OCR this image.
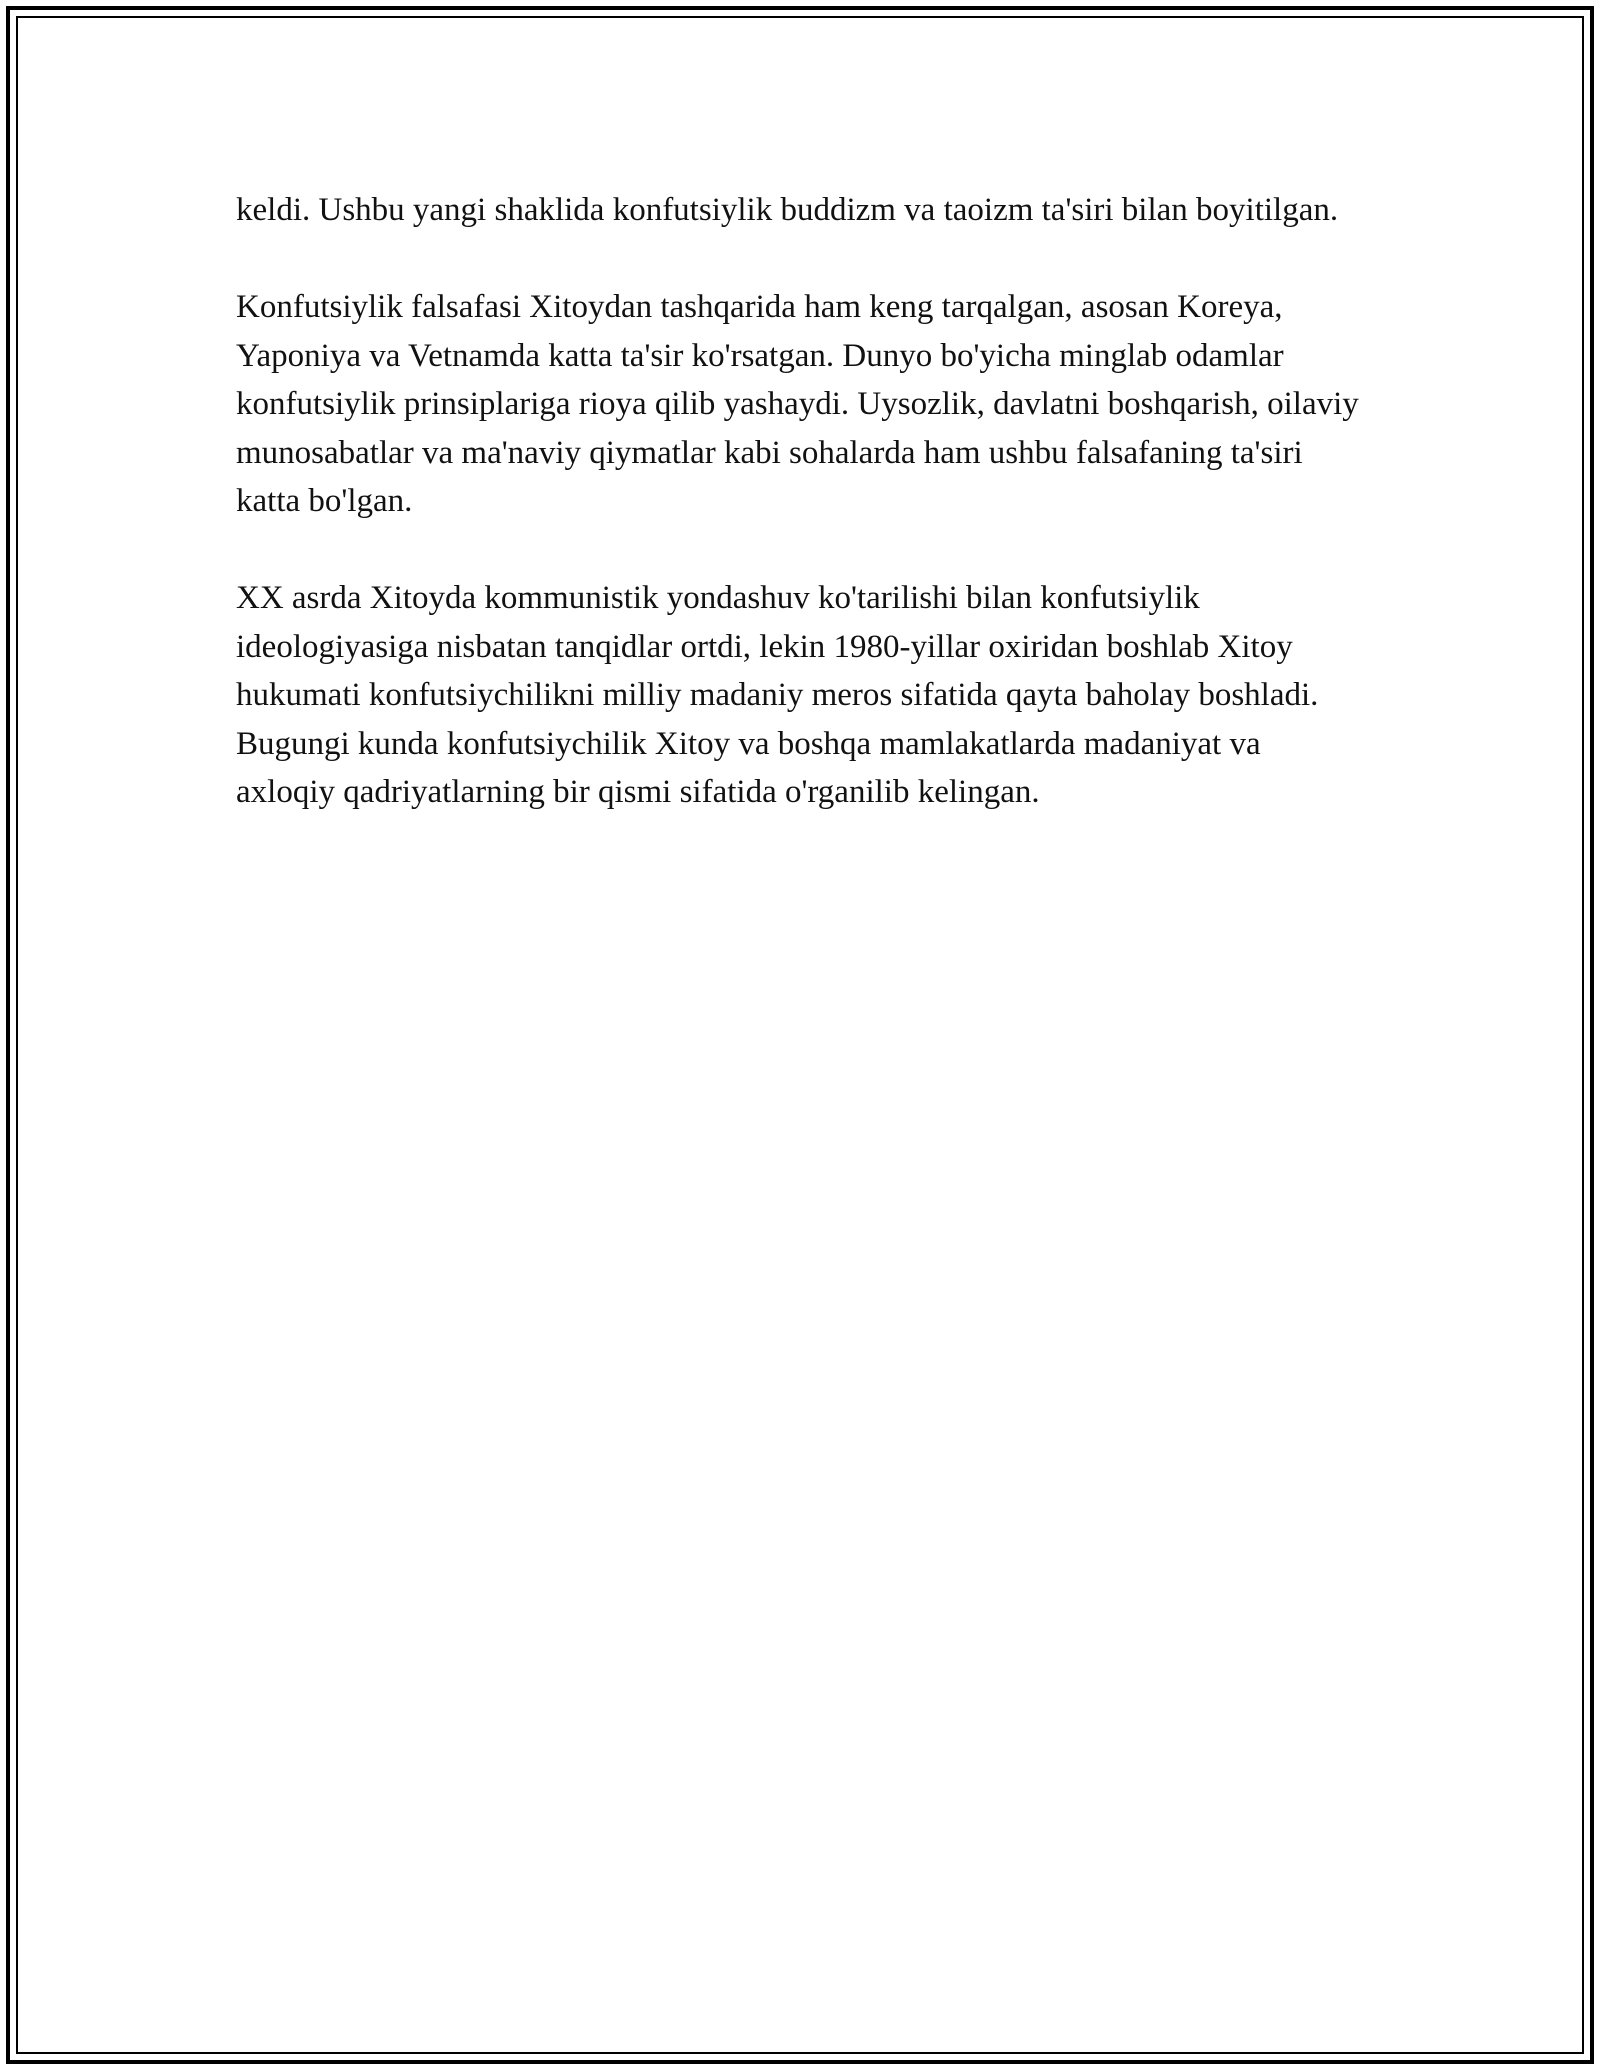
keldi. Ushbu yangi shaklida konfutsiylik buddizm va taoizm ta'siri bilan boyitilgan.

Konfutsiylik falsafasi Xitoydan tashqarida ham keng tarqalgan, asosan Koreya, Yaponiya va Vetnamda katta ta'sir ko'rsatgan. Dunyo bo'yicha minglab odamlar konfutsiylik prinsiplariga rioya qilib yashaydi. Uysozlik, davlatni boshqarish, oilaviy munosabatlar va ma'naviy qiymatlar kabi sohalarda ham ushbu falsafaning ta'siri katta bo'lgan.

XX asrda Xitoyda kommunistik yondashuv ko'tarilishi bilan konfutsiylik ideologiyasiga nisbatan tanqidlar ortdi, lekin 1980-yillar oxiridan boshlab Xitoy hukumati konfutsiychilikni milliy madaniy meros sifatida qayta baholay boshladi. Bugungi kunda konfutsiychilik Xitoy va boshqa mamlakatlarda madaniyat va axloqiy qadriyatlarning bir qismi sifatida o'rganilib kelingan.
